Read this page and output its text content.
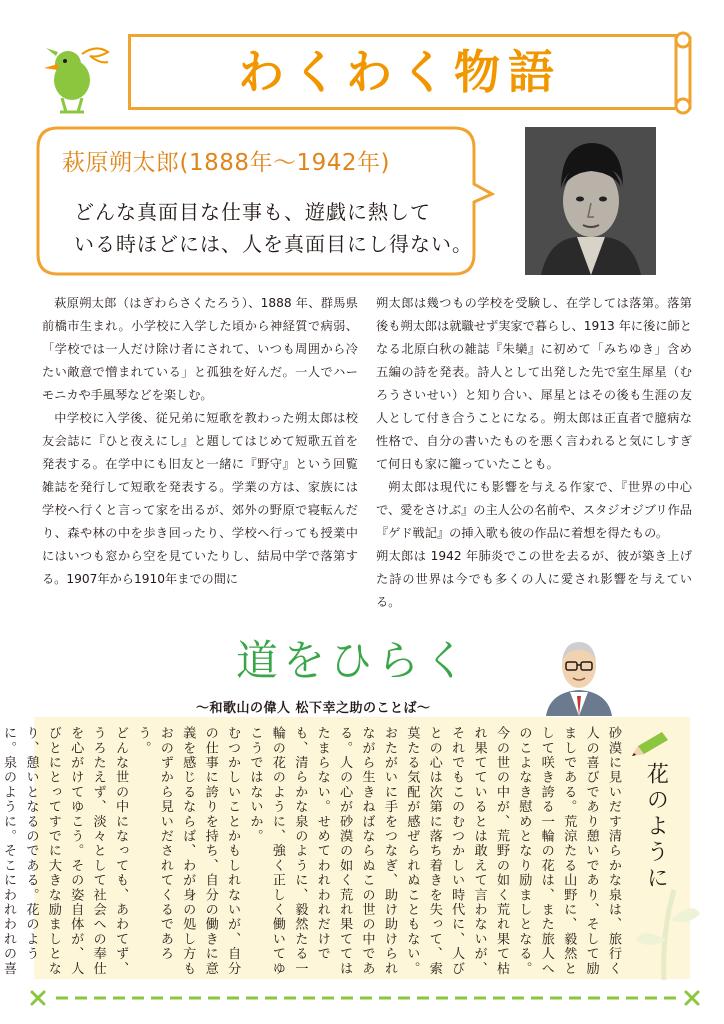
わくわく物語
萩原朔太郎(1888年〜1942年)
どんな真面目な仕事も、遊戯に熱して
いる時ほどには、人を真面目にし得ない。

萩原朔太郎（はぎわらさくたろう）、1888 年、群馬県前橋市生まれ。小学校に入学した頃から神経質で病弱、「学校では一人だけ除け者にされて、いつも周囲から冷たい敵意で憎まれている」と孤独を好んだ。一人でハーモニカや手風琴などを楽しむ。

中学校に入学後、従兄弟に短歌を教わった朔太郎は校友会誌に『ひと夜えにし』と題してはじめて短歌五首を発表する。在学中にも旧友と一緒に『野守』という回覧雑誌を発行して短歌を発表する。学業の方は、家族には学校へ行くと言って家を出るが、郊外の野原で寝転んだり、森や林の中を歩き回ったり、学校へ行っても授業中にはいつも窓から空を見ていたりし、結局中学で落第する。1907年から1910年までの間に

朔太郎は幾つもの学校を受験し、在学しては落第。落第後も朔太郎は就職せず実家で暮らし、1913 年に後に師となる北原白秋の雑誌『朱欒』に初めて「みちゆき」含め五編の詩を発表。詩人として出発した先で室生犀星（むろうさいせい）と知り合い、犀星とはその後も生涯の友人として付き合うことになる。朔太郎は正直者で臆病な性格で、自分の書いたものを悪く言われると気にしすぎて何日も家に籠っていたことも。

朔太郎は現代にも影響を与える作家で、『世界の中心で、愛をさけぶ』の主人公の名前や、スタジオジブリ作品『ゲド戦記』の挿入歌も彼の作品に着想を得たもの。

朔太郎は 1942 年肺炎でこの世を去るが、彼が築き上げた詩の世界は今でも多くの人に愛され影響を与えている。

道をひらく
〜和歌山の偉人 松下幸之助のことば〜
花のように

砂漠に見いだす清らかな泉は、旅行く人の喜びであり憩いであり、そして励ましである。荒涼たる山野に、毅然として咲き誇る一輪の花は、また旅人へのこよなき慰めとなり励ましとなる。

今の世の中が、荒野の如く荒れ果て枯れ果てているとは敢えて言わないが、それでもこのむつかしい時代に、人びとの心は次第に落ち着きを失って、索莫たる気配が感ぜられぬこともない。

おたがいに手をつなぎ、助け助けられながら生きねばならぬこの世の中である。人の心が砂漠の如く荒れ果ててはたまらない。せめてわれわれだけでも、清らかな泉のように、毅然たる一輪の花のように、強く正しく働いてゆこうではないか。

むつかしいことかもしれないが、自分の仕事に誇りを持ち、自分の働きに意義を感じるならば、わが身の処し方もおのずから見いだされてくるであろう。

どんな世の中になっても、あわてず、うろたえず、淡々として社会への奉仕を心がけてゆこう。その姿自体が、人びとにとってすでに大きな励ましとなり、憩いとなるのである。花のように。泉のように。そこにわれわれの喜
